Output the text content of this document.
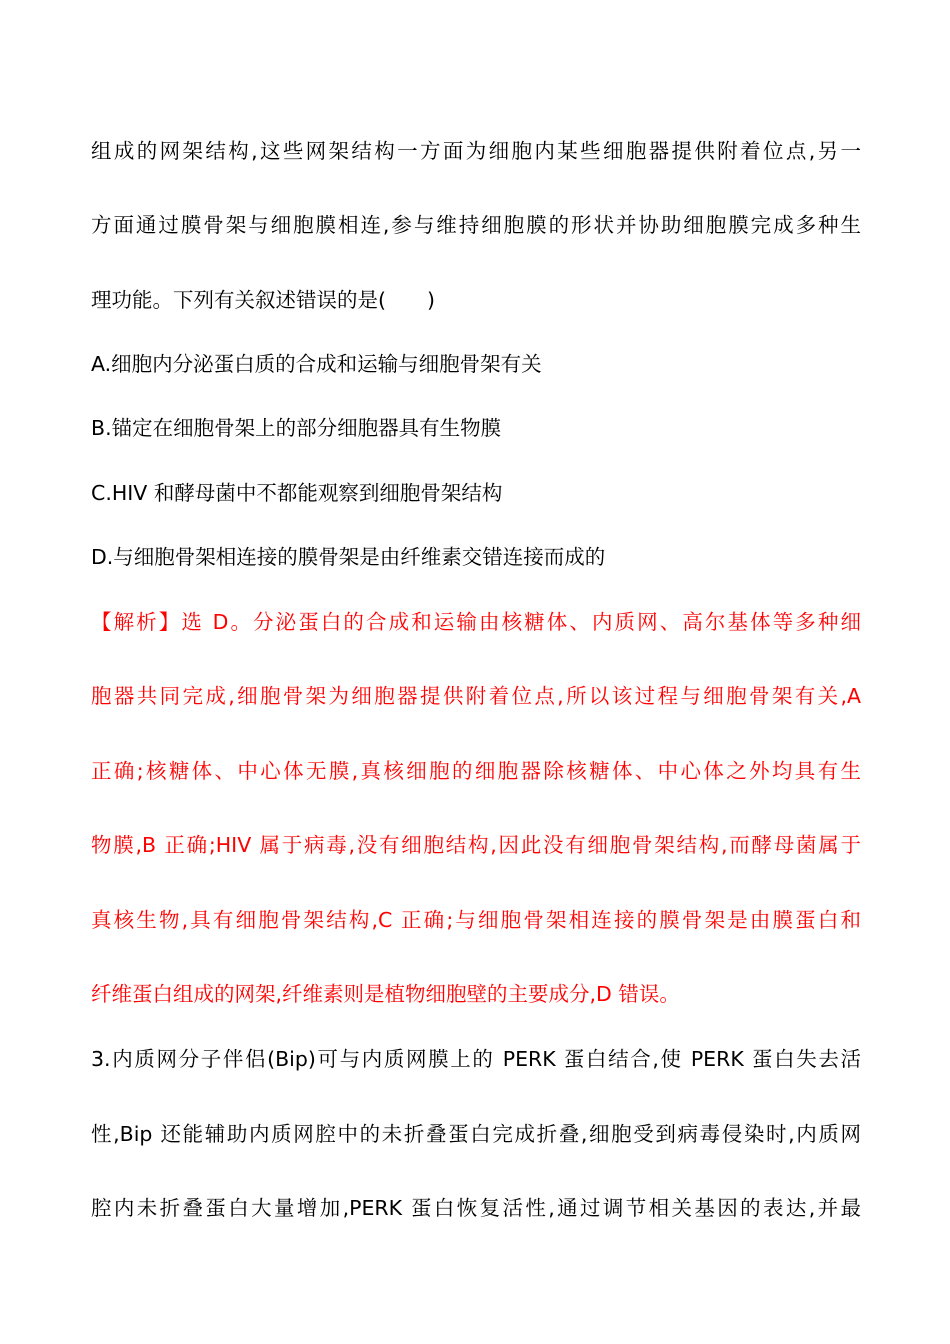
组成的网架结构,这些网架结构一方面为细胞内某些细胞器提供附着位点,另一
方面通过膜骨架与细胞膜相连,参与维持细胞膜的形状并协助细胞膜完成多种生
理功能。下列有关叙述错误的是(　　)
A.细胞内分泌蛋白质的合成和运输与细胞骨架有关
B.锚定在细胞骨架上的部分细胞器具有生物膜
C.HIV 和酵母菌中不都能观察到细胞骨架结构
D.与细胞骨架相连接的膜骨架是由纤维素交错连接而成的
【解析】选 D。分泌蛋白的合成和运输由核糖体、内质网、高尔基体等多种细
胞器共同完成,细胞骨架为细胞器提供附着位点,所以该过程与细胞骨架有关,A
正确;核糖体、中心体无膜,真核细胞的细胞器除核糖体、中心体之外均具有生
物膜,B 正确;HIV 属于病毒,没有细胞结构,因此没有细胞骨架结构,而酵母菌属于
真核生物,具有细胞骨架结构,C 正确;与细胞骨架相连接的膜骨架是由膜蛋白和
纤维蛋白组成的网架,纤维素则是植物细胞壁的主要成分,D 错误。
3.内质网分子伴侣(Bip)可与内质网膜上的 PERK 蛋白结合,使 PERK 蛋白失去活
性,Bip 还能辅助内质网腔中的未折叠蛋白完成折叠,细胞受到病毒侵染时,内质网
腔内未折叠蛋白大量增加,PERK 蛋白恢复活性,通过调节相关基因的表达,并最
